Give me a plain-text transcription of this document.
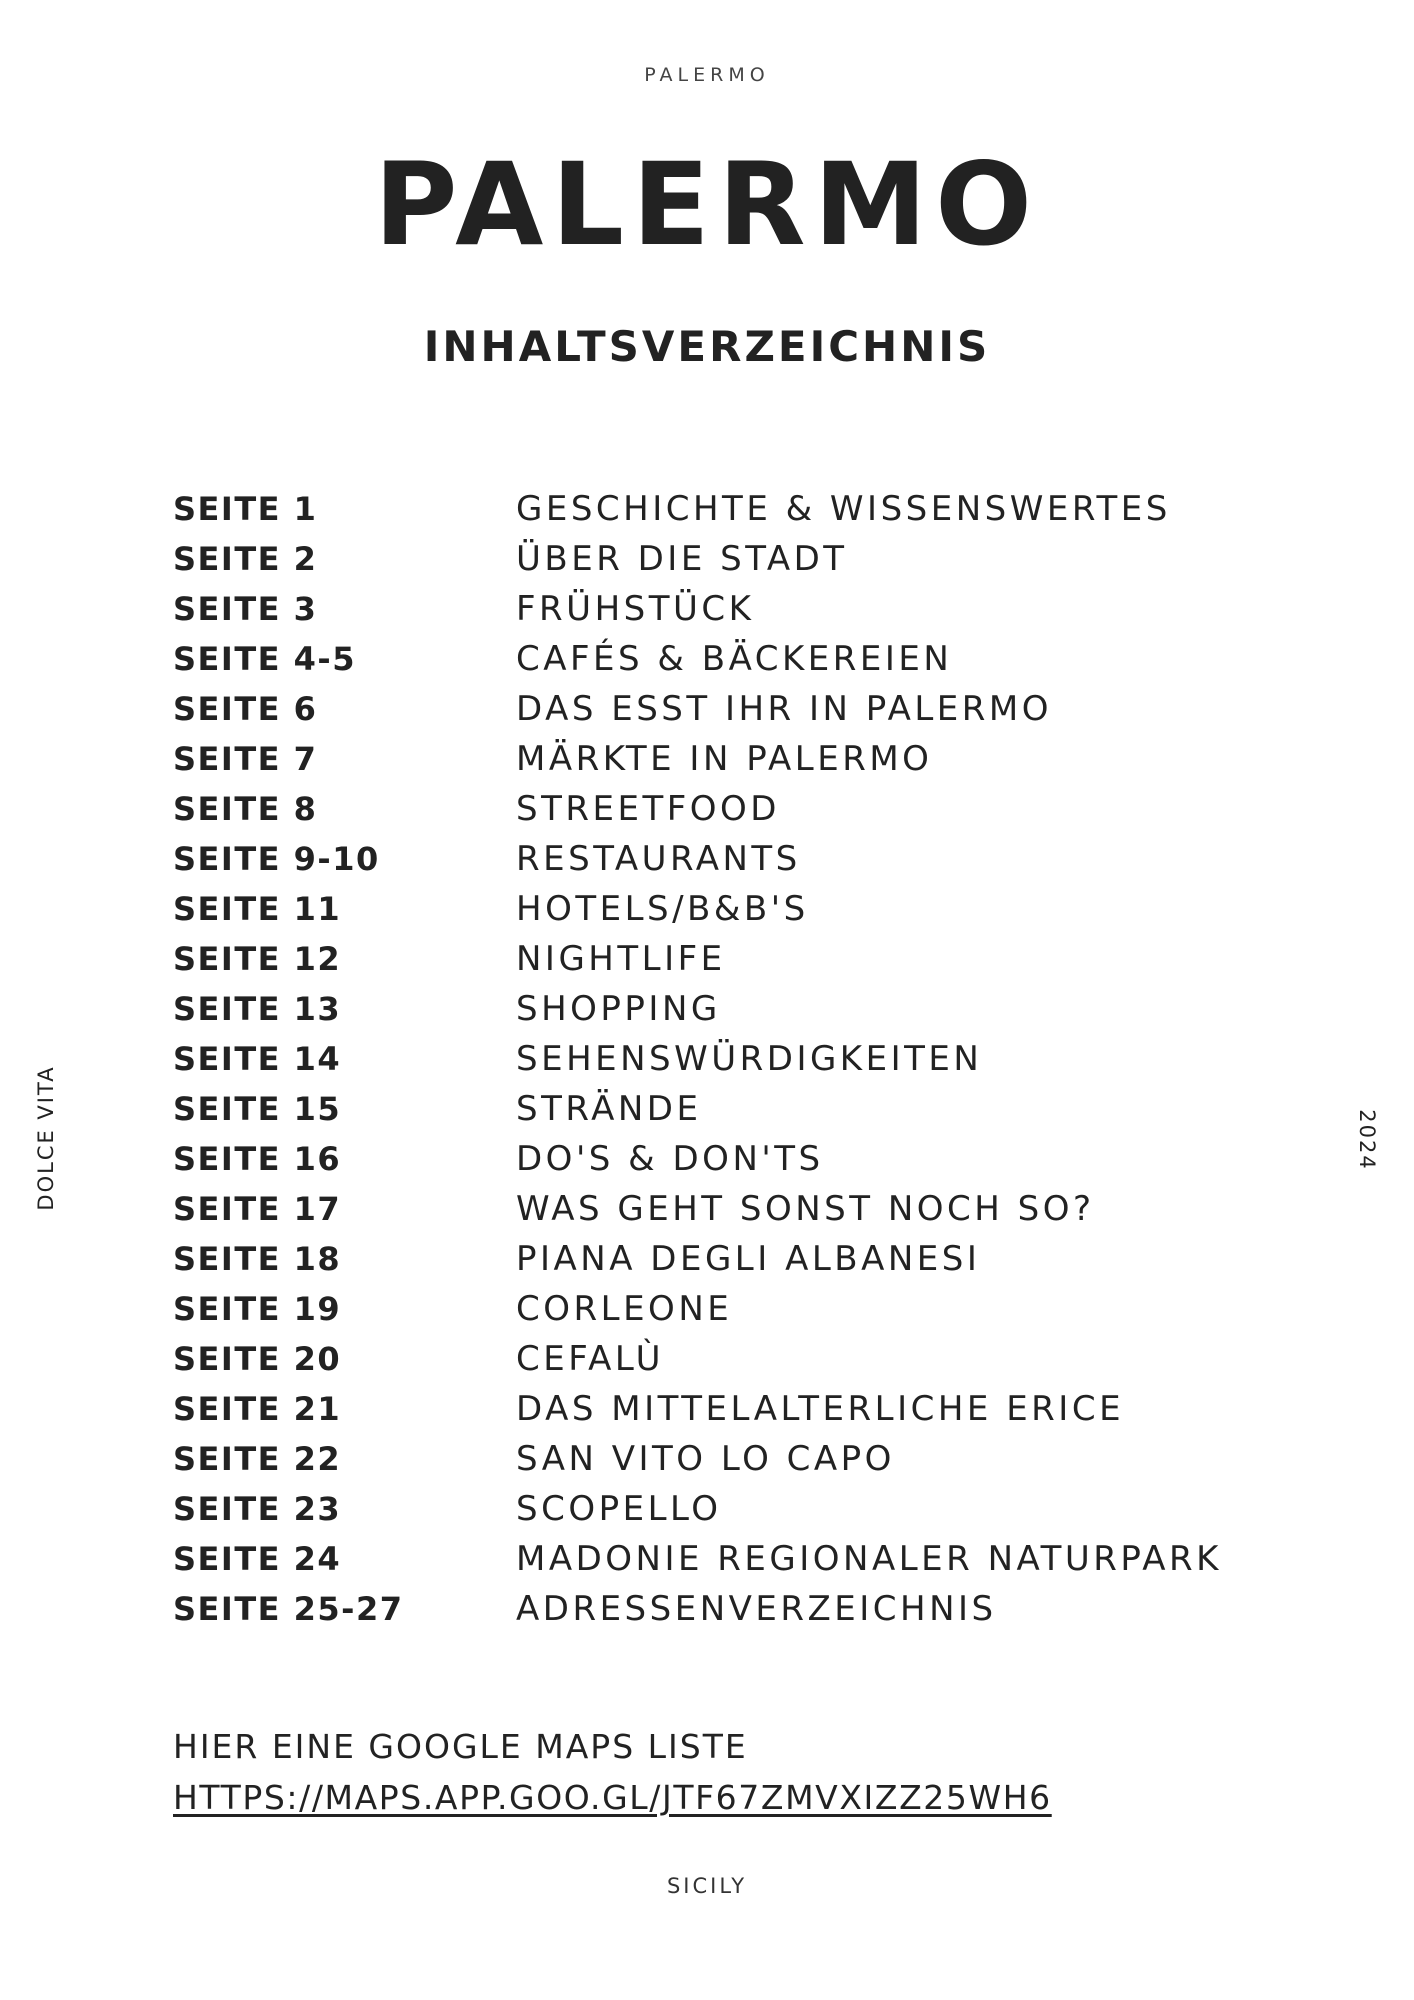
PALERMO
PALERMO
INHALTSVERZEICHNIS
SEITE 1	GESCHICHTE & WISSENSWERTES
SEITE 2	ÜBER DIE STADT
SEITE 3	FRÜHSTÜCK
SEITE 4-5	CAFÉS & BÄCKEREIEN
SEITE 6	DAS ESST IHR IN PALERMO
SEITE 7	MÄRKTE IN PALERMO
SEITE 8	STREETFOOD
SEITE 9-10	RESTAURANTS
SEITE 11	HOTELS/B&B'S
SEITE 12	NIGHTLIFE
SEITE 13	SHOPPING
SEITE 14	SEHENSWÜRDIGKEITEN
SEITE 15	STRÄNDE
SEITE 16	DO'S & DON'TS
SEITE 17	WAS GEHT SONST NOCH SO?
SEITE 18	PIANA DEGLI ALBANESI
SEITE 19	CORLEONE
SEITE 20	CEFALÙ
SEITE 21	DAS MITTELALTERLICHE ERICE
SEITE 22	SAN VITO LO CAPO
SEITE 23	SCOPELLO
SEITE 24	MADONIE REGIONALER NATURPARK
SEITE 25-27	ADRESSENVERZEICHNIS
HIER EINE GOOGLE MAPS LISTE
HTTPS://MAPS.APP.GOO.GL/JTF67ZMVXIZZ25WH6
SICILY
DOLCE VITA	2024
